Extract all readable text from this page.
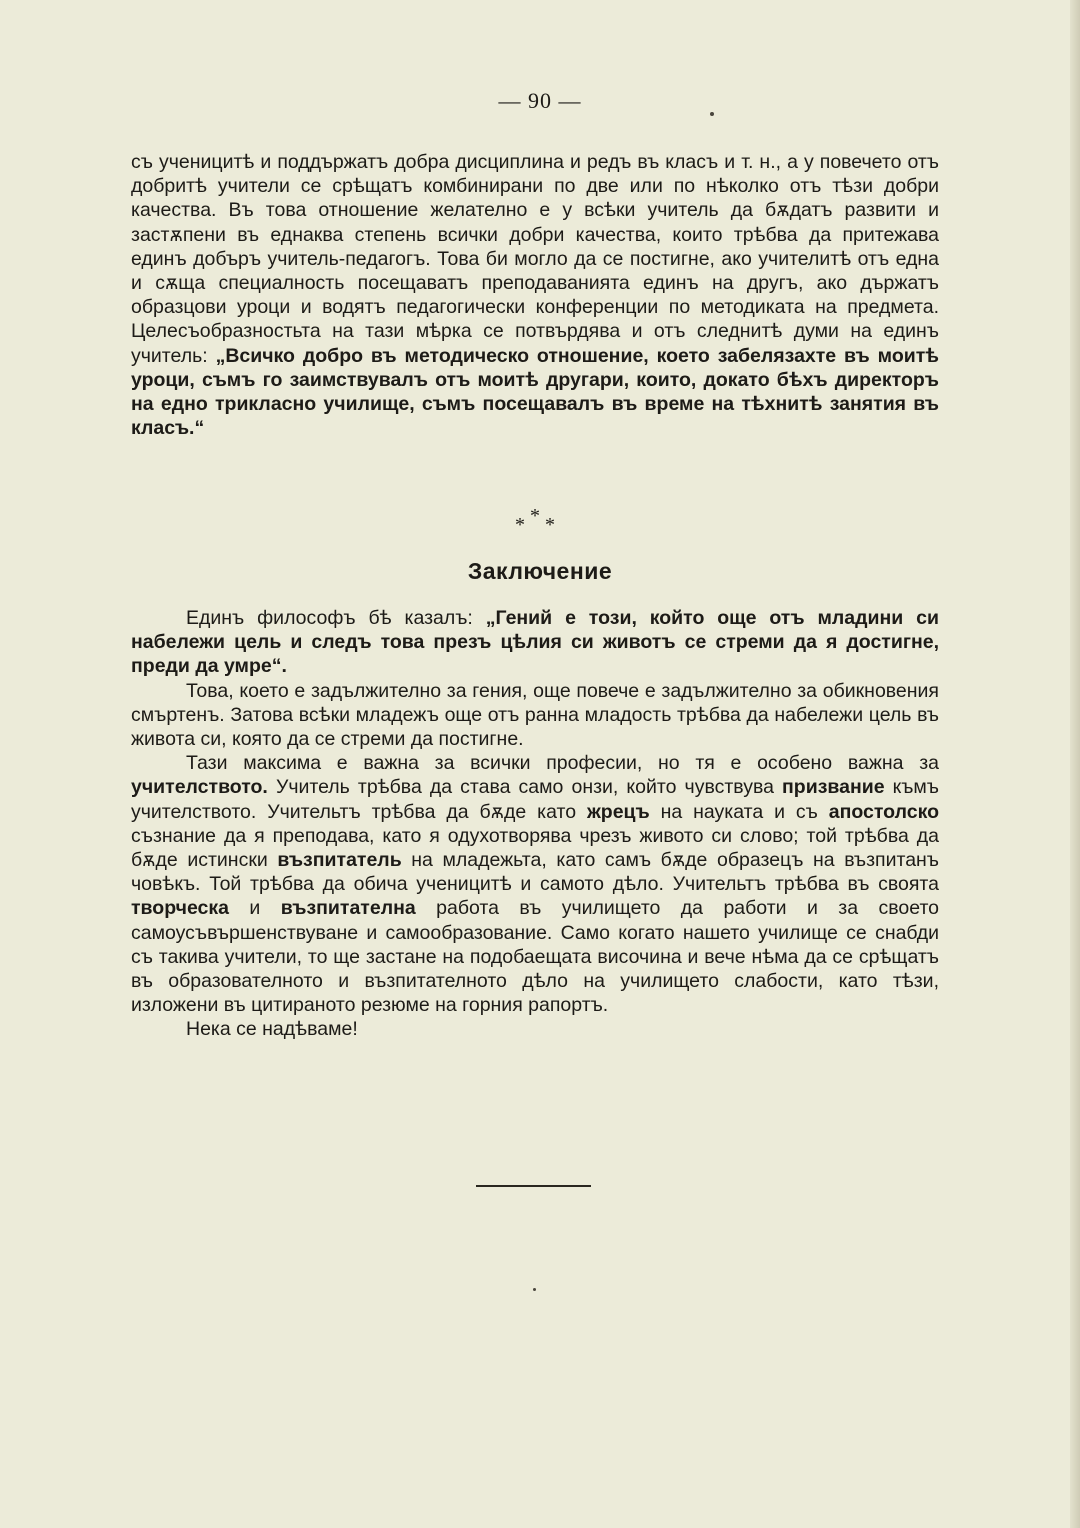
— 90 —

съ ученицитѣ и поддържатъ добра дисциплина и редъ въ класъ и т. н., а у повечето отъ добритѣ учители се срѣщатъ комбинирани по две или по нѣколко отъ тѣзи добри качества. Въ това отношение желателно е у всѣки учитель да бѫдатъ развити и застѫпени въ еднаква степень всички добри качества, които трѣбва да притежава единъ добъръ учитель-педагогъ. Това би могло да се постигне, ако учителитѣ отъ една и сѫща специалность посещаватъ преподаванията единъ на другъ, ако държатъ образцови уроци и водятъ педагогически конференции по методиката на предмета. Целесъобразностьта на тази мѣрка се потвърдява и отъ следнитѣ думи на единъ учитель: „Всичко добро въ методическо отношение, което забелязахте въ моитѣ уроци, съмъ го заимствувалъ отъ моитѣ другари, които, докато бѣхъ директоръ на едно трикласно училище, съмъ посещавалъ въ време на тѣхнитѣ занятия въ класъ.“

*
* *
Заключение

Единъ философъ бѣ казалъ: „Гений е този, който още отъ младини си набележи цель и следъ това презъ цѣлия си животъ се стреми да я достигне, преди да умре“.

Това, което е задължително за гения, още повече е задължително за обикновения смъртенъ. Затова всѣки младежъ още отъ ранна младость трѣбва да набележи цель въ живота си, която да се стреми да постигне.

Тази максима е важна за всички професии, но тя е особено важна за учителството. Учитель трѣбва да става само онзи, който чувствува призвание къмъ учителството. Учительтъ трѣбва да бѫде като жрецъ на науката и съ апостолско съзнание да я преподава, като я одухотворява чрезъ живото си слово; той трѣбва да бѫде истински възпитатель на младежьта, като самъ бѫде образецъ на възпитанъ човѣкъ. Той трѣбва да обича ученицитѣ и самото дѣло. Учительтъ трѣбва въ своята творческа и възпитателна работа въ училището да работи и за своето самоусъвършенствуване и самообразование. Само когато нашето училище се снабди съ такива учители, то ще застане на подобаещата височина и вече нѣма да се срѣщатъ въ образователното и възпитателното дѣло на училището слабости, като тѣзи, изложени въ цитираното резюме на горния рапортъ.

Нека се надѣваме!
